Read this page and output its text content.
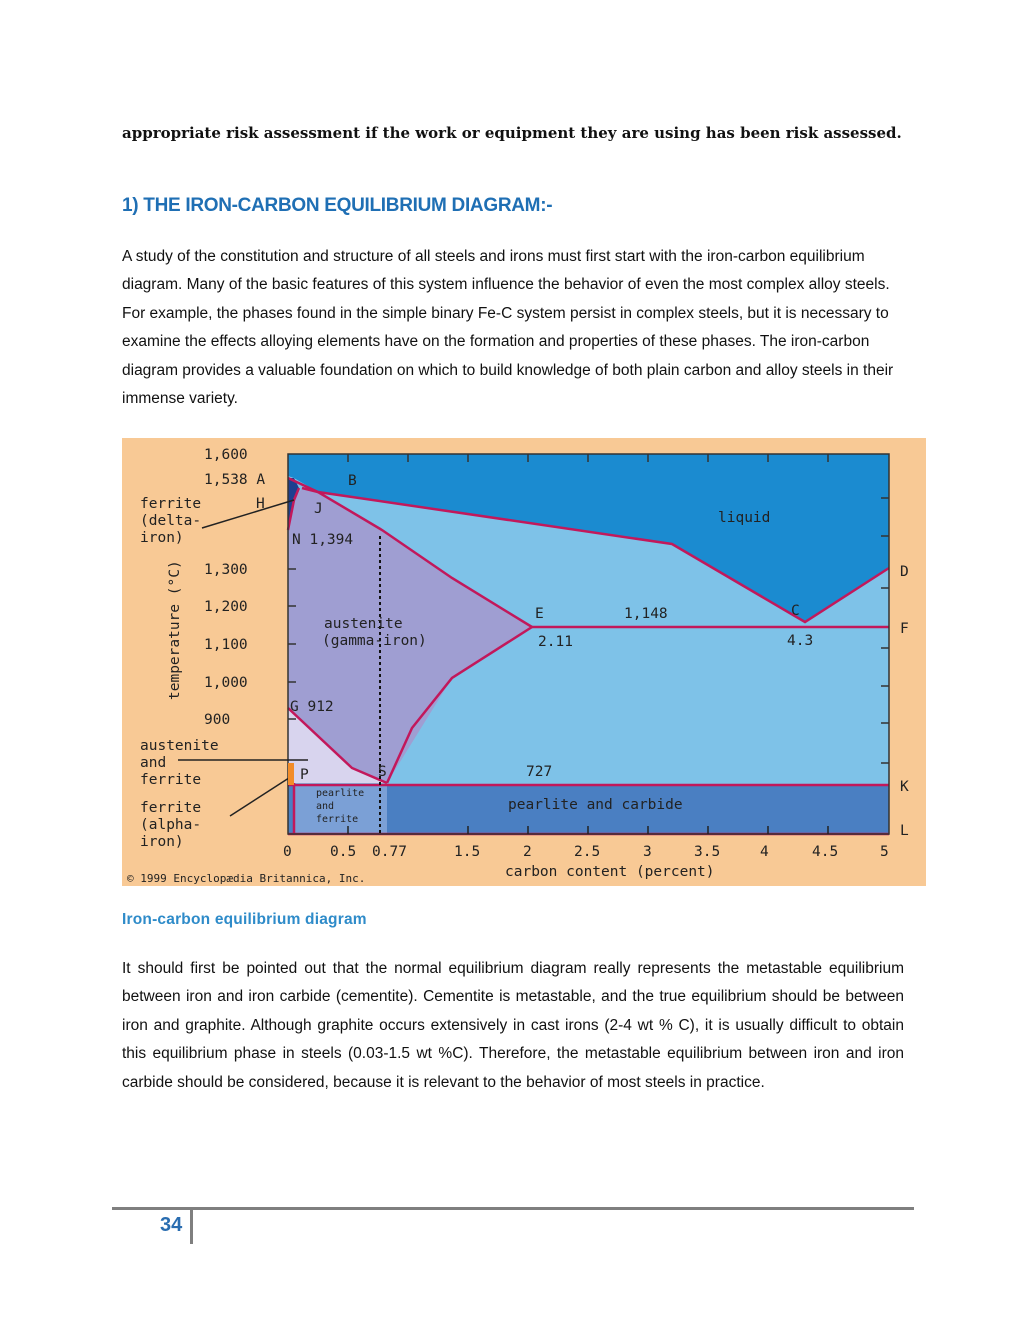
appropriate risk assessment if the work or equipment they are using has been risk assessed.

1) THE IRON-CARBON EQUILIBRIUM DIAGRAM:-

A study of the constitution and structure of all steels and irons must first start with the iron-carbon equilibrium diagram. Many of the basic features of this system influence the behavior of even the most complex alloy steels.

For example, the phases found in the simple binary Fe-C system persist in complex steels, but it is necessary to examine the effects alloying elements have on the formation and properties of these phases. The iron-carbon diagram provides a valuable foundation on which to build knowledge of both plain carbon and alloy steels in their immense variety.

1,600
1,538 A
1,300
1,200
1,100
1,000
900
temperature (°C)
0	0.5 0.77	1.5	2	2.5	3	3.5	4	4.5	5
carbon content (percent)
© 1999 Encyclopædia Britannica, Inc.
ferrite
(delta-
iron)
austenite
and
ferrite
ferrite
(alpha-
iron)
B
H	J
N 1,394
E
2.11
C
4.3
1,148
D
F
G 912
P	S	727
K
L
liquid
austenite
(gamma-iron)
pearlite and carbide
pearlite
and
ferrite

Iron-carbon equilibrium diagram

It should first be pointed out that the normal equilibrium diagram really represents the metastable equilibrium between iron and iron carbide (cementite). Cementite is metastable, and the true equilibrium should be between iron and graphite. Although graphite occurs extensively in cast irons (2-4 wt % C), it is usually difficult to obtain this equilibrium phase in steels (0.03-1.5 wt %C). Therefore, the metastable equilibrium between iron and iron carbide should be considered, because it is relevant to the behavior of most steels in practice.

34
